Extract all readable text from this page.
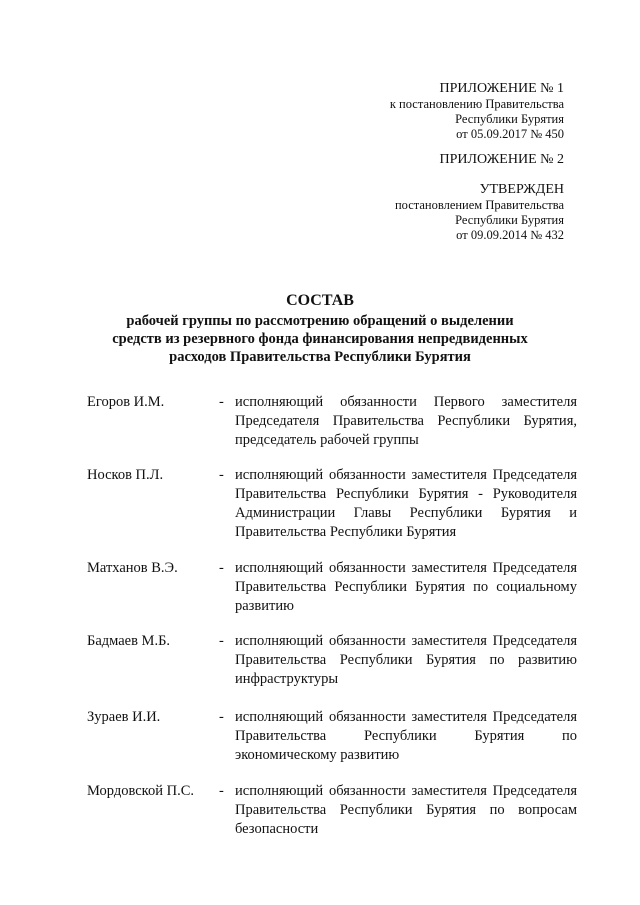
ПРИЛОЖЕНИЕ № 1
к постановлению Правительства
Республики Бурятия
от 05.09.2017 № 450
ПРИЛОЖЕНИЕ № 2
УТВЕРЖДЕН
постановлением Правительства
Республики Бурятия
от 09.09.2014 № 432
СОСТАВ
рабочей группы по рассмотрению обращений о выделении
средств из резервного фонда финансирования непредвиденных
расходов Правительства Республики Бурятия
Егоров И.М.	- исполняющий обязанности Первого заместителя Председателя Правительства Республики Бурятия, председатель рабочей группы
Носков П.Л.	- исполняющий обязанности заместителя Председателя Правительства Республики Бурятия - Руководителя Администрации Главы Республики Бурятия и Правительства Республики Бурятия
Матханов В.Э.	- исполняющий обязанности заместителя Председателя Правительства Республики Бурятия по социальному развитию
Бадмаев М.Б.	- исполняющий обязанности заместителя Председателя Правительства Республики Бурятия по развитию инфраструктуры
Зураев И.И.	- исполняющий обязанности заместителя Председателя Правительства Республики Бурятия по экономическому развитию
Мордовской П.С. - исполняющий обязанности заместителя Председателя Правительства Республики Бурятия по вопросам безопасности
